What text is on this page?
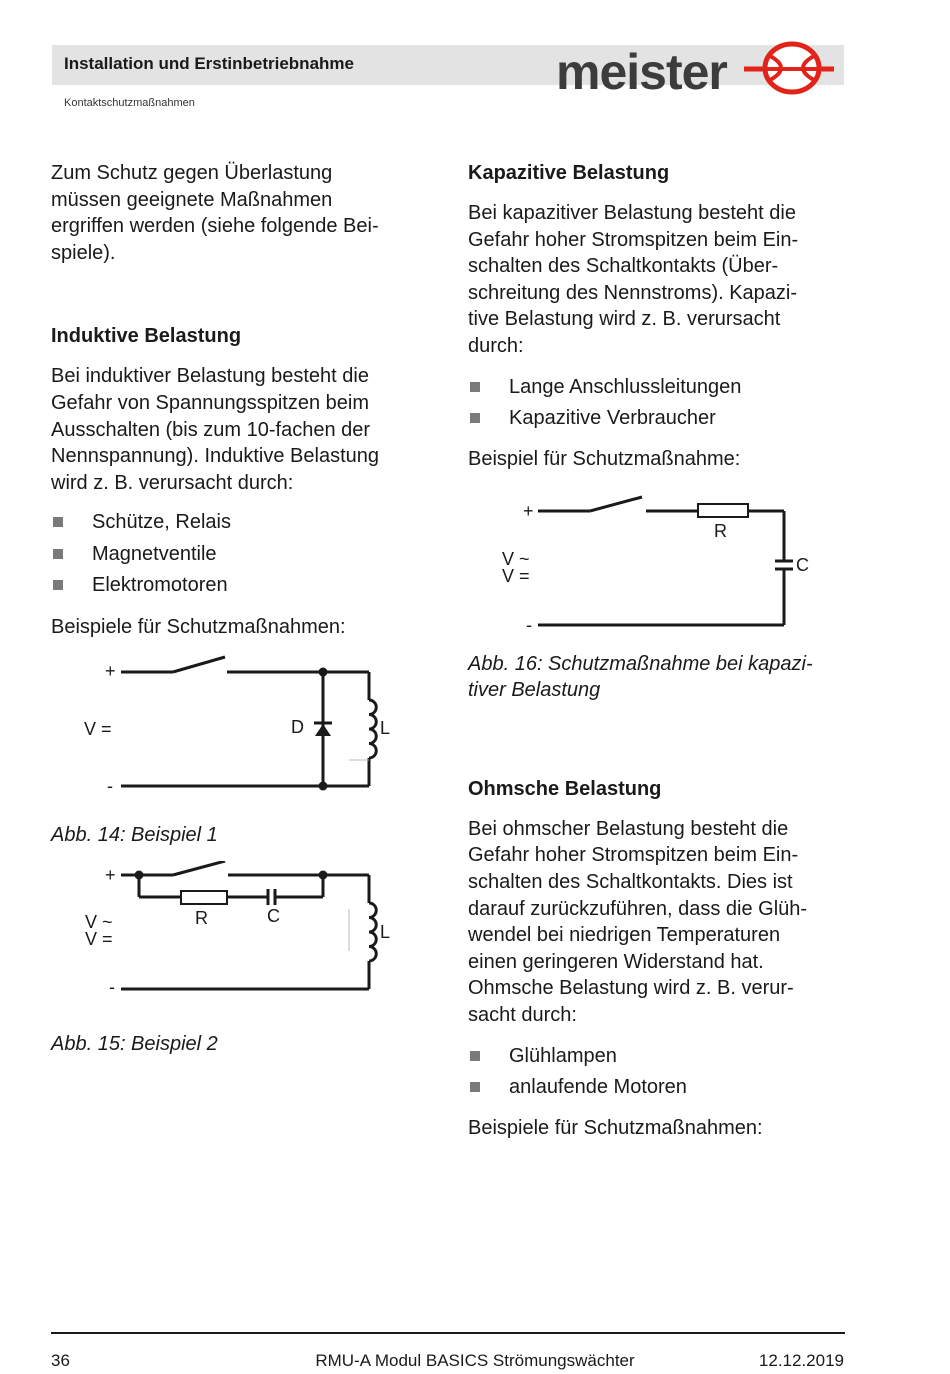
Installation und Erstinbetriebnahme
Kontaktschutzmaßnahmen
meister

Zum Schutz gegen Überlastung
müssen geeignete Maßnahmen
ergriffen werden (siehe folgende Bei-
spiele).

Induktive Belastung

Bei induktiver Belastung besteht die
Gefahr von Spannungsspitzen beim
Ausschalten (bis zum 10-fachen der
Nennspannung). Induktive Belastung
wird z. B. verursacht durch:

Schütze, Relais
Magnetventile
Elektromotoren

Beispiele für Schutzmaßnahmen:

+
-
V =	D	L

Abb. 14: Beispiel 1

+
-
V ~
V =
R	C
L

Abb. 15: Beispiel 2

Kapazitive Belastung

Bei kapazitiver Belastung besteht die
Gefahr hoher Stromspitzen beim Ein-
schalten des Schaltkontakts (Über-
schreitung des Nennstroms). Kapazi-
tive Belastung wird z. B. verursacht
durch:

Lange Anschlussleitungen
Kapazitive Verbraucher

Beispiel für Schutzmaßnahme:

+
-
V ~
V =
R
C

Abb. 16: Schutzmaßnahme bei kapazi-
tiver Belastung

Ohmsche Belastung

Bei ohmscher Belastung besteht die
Gefahr hoher Stromspitzen beim Ein-
schalten des Schaltkontakts. Dies ist
darauf zurückzuführen, dass die Glüh-
wendel bei niedrigen Temperaturen
einen geringeren Widerstand hat.
Ohmsche Belastung wird z. B. verur-
sacht durch:

Glühlampen
anlaufende Motoren

Beispiele für Schutzmaßnahmen:

36	RMU-A Modul BASICS Strömungswächter	12.12.2019
